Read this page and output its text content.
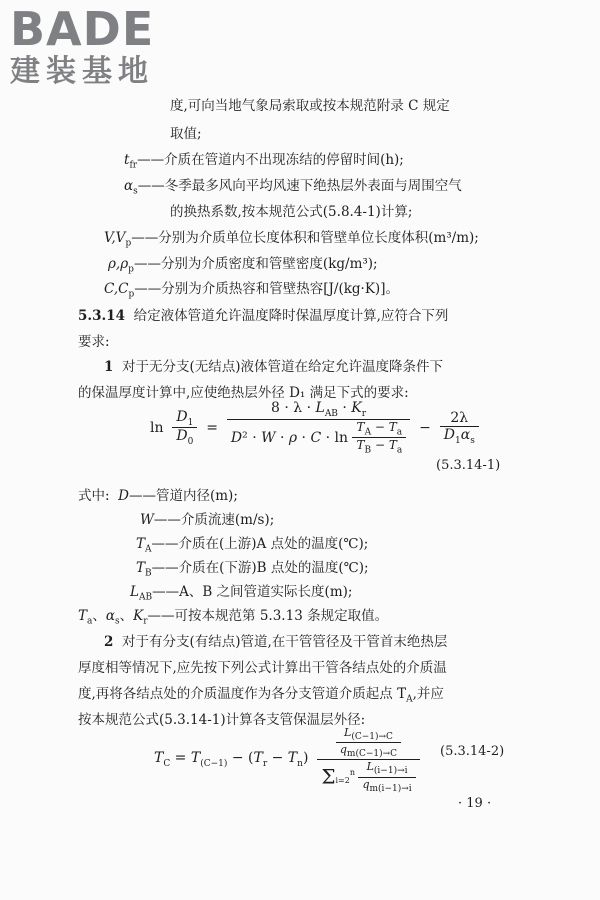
BADE
建装基地
度,可向当地气象局索取或按本规范附录 C 规定
取值;
$t_{fr}——$介质在管道内不出现冻结的停留时间(h);
$\alpha_s——$冬季最多风向平均风速下绝热层外表面与周围空气
的换热系数,按本规范公式(5.8.4-1)计算;
$V,V_p——$分别为介质单位长度体积和管壁单位长度体积(m³/m);
$\rho,\rho_p——$分别为介质密度和管壁密度(kg/m³);
$C,C_p——$分别为介质热容和管壁热容[J/(kg·K)]。
5.3.14 给定液体管道允许温度降时保温厚度计算,应符合下列
要求:
1 对于无分支(无结点)液体管道在给定允许温度降条件下
的保温厚度计算中,应使绝热层外径 D₁ 满足下式的要求:
$\ln \frac{D_1}{D_0} = \frac{8 \cdot \lambda \cdot L_{AB} \cdot K_r}{D^2 \cdot W \cdot \rho \cdot C \cdot \ln \frac{T_A - T_a}{T_B - T_a}} - \frac{2\lambda}{D_1\alpha_s}$
(5.3.14-1)
式中: D——管道内径(m);
W——介质流速(m/s);
$T_A——$介质在(上游)A 点处的温度(℃);
$T_B——$介质在(下游)B 点处的温度(℃);
$L_{AB}——A$、B 之间管道实际长度(m);
$T_a$、$\alpha_s$、$K_r——$可按本规范第 5.3.13 条规定取值。
2 对于有分支(有结点)管道,在干管管径及干管首末绝热层
厚度相等情况下,应先按下列公式计算出干管各结点处的介质温
度,再将各结点处的介质温度作为各分支管道介质起点 $T_A$,并应
按本规范公式(5.3.14-1)计算各支管保温层外径:
$T_C = T_{(C-1)} - (T_r - T_n) \frac{\frac{L_{(C-1)\to C}}{q_{m(C-1)\to C}}}{\Sigma_{i=2}^n \frac{L_{(i-1)\to i}}{q_{m(i-1)\to i}}} (5.3.14-2)$
· 19 ·
